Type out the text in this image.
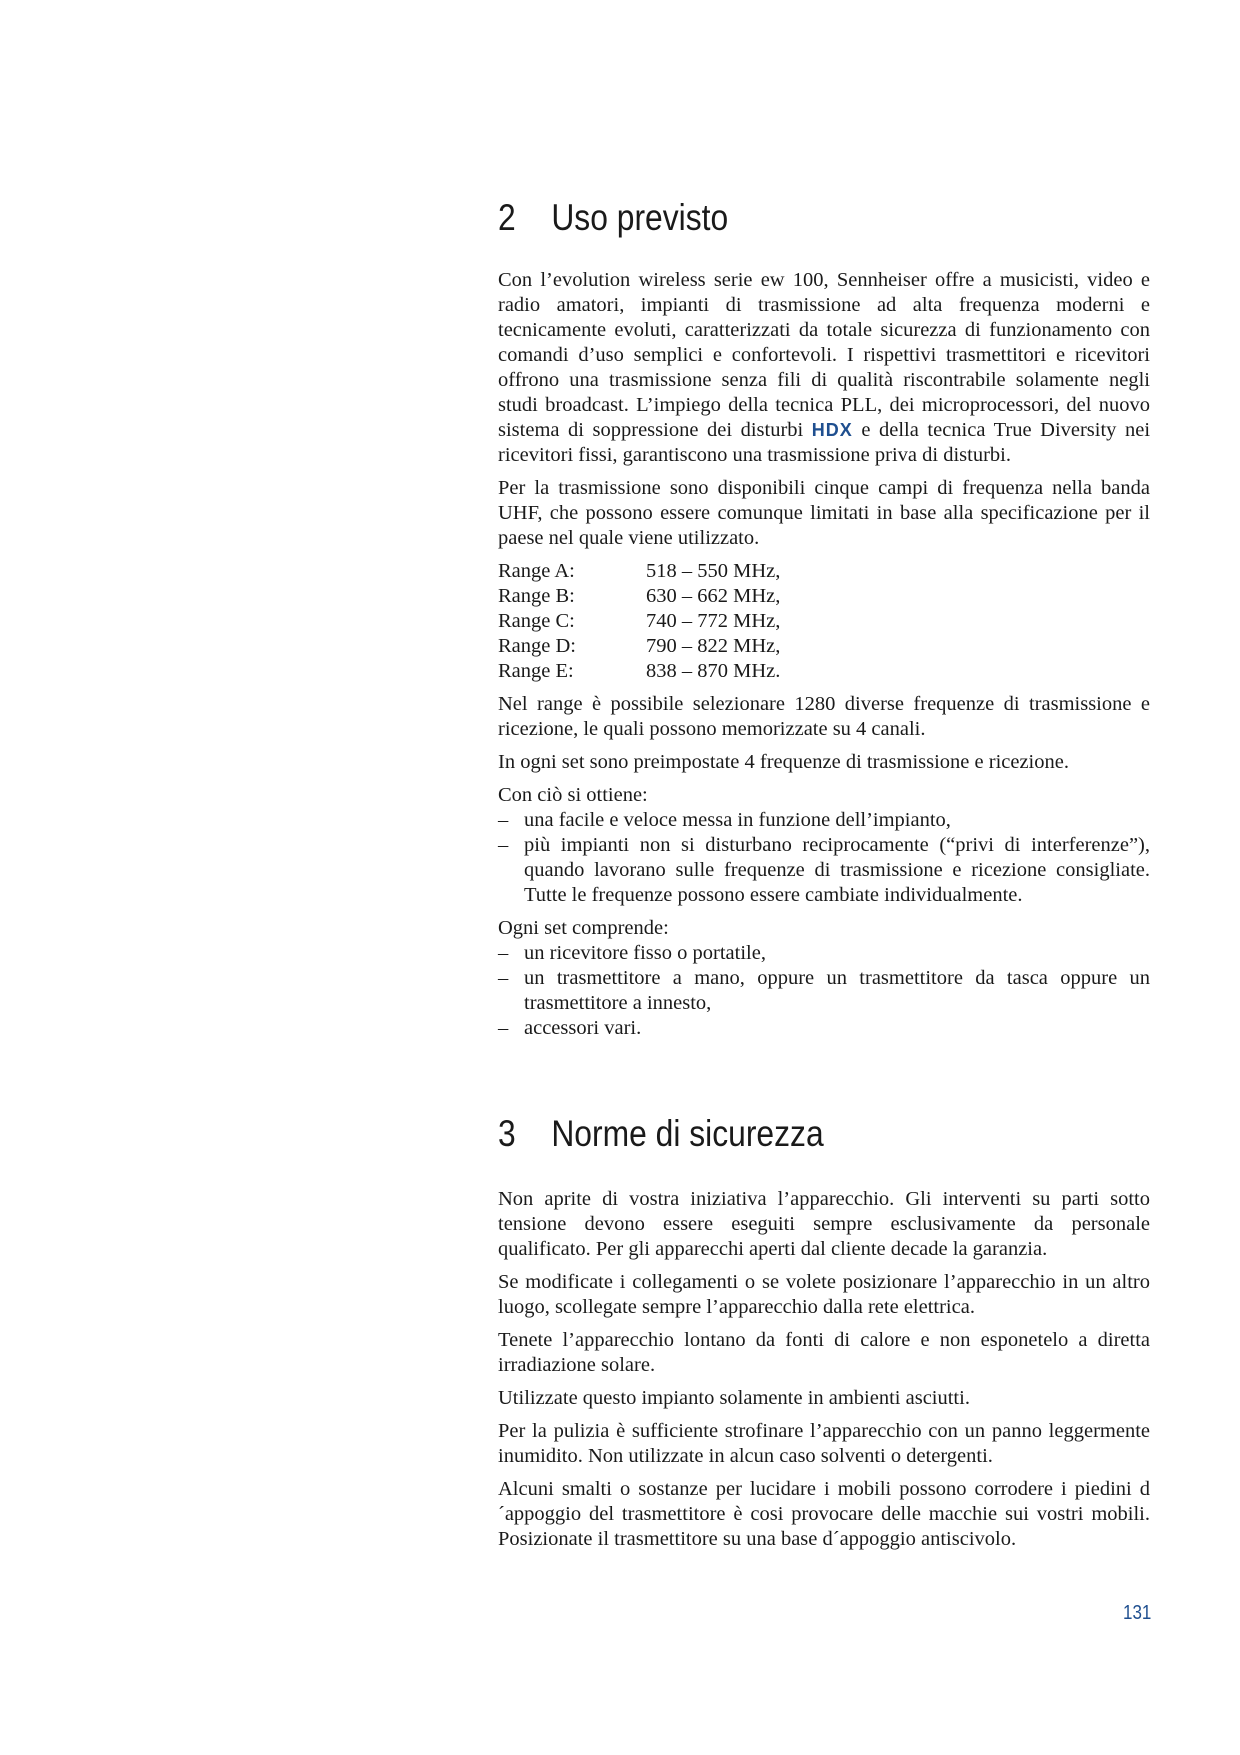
2 Uso previsto

Con l’evolution wireless serie ew 100, Sennheiser offre a musicisti, video e radio amatori, impianti di trasmissione ad alta frequenza moderni e tecnicamente evoluti, caratterizzati da totale sicurezza di funzionamento con comandi d’uso semplici e confortevoli. I rispettivi trasmettitori e ricevitori offrono una trasmissione senza fili di qualità riscontrabile solamente negli studi broadcast. L’impiego della tecnica PLL, dei microprocessori, del nuovo sistema di soppressione dei disturbi HDX e della tecnica True Diversity nei ricevitori fissi, garantiscono una trasmissione priva di disturbi.

Per la trasmissione sono disponibili cinque campi di frequenza nella banda UHF, che possono essere comunque limitati in base alla specificazione per il paese nel quale viene utilizzato.

Range A:	518 – 550 MHz,
Range B:	630 – 662 MHz,
Range C:	740 – 772 MHz,
Range D:	790 – 822 MHz,
Range E:	838 – 870 MHz.

Nel range è possibile selezionare 1280 diverse frequenze di trasmissione e ricezione, le quali possono memorizzate su 4 canali.

In ogni set sono preimpostate 4 frequenze di trasmissione e ricezione.

Con ciò si ottiene:
– una facile e veloce messa in funzione dell’impianto,
– più impianti non si disturbano reciprocamente (“privi di interferenze”), quando lavorano sulle frequenze di trasmissione e ricezione consigliate. Tutte le frequenze possono essere cambiate individualmente.
Ogni set comprende:
– un ricevitore fisso o portatile,
– un trasmettitore a mano, oppure un trasmettitore da tasca oppure un trasmettitore a innesto,
– accessori vari.
3 Norme di sicurezza

Non aprite di vostra iniziativa l’apparecchio. Gli interventi su parti sotto tensione devono essere eseguiti sempre esclusivamente da personale qualificato. Per gli apparecchi aperti dal cliente decade la garanzia.

Se modificate i collegamenti o se volete posizionare l’apparecchio in un altro luogo, scollegate sempre l’apparecchio dalla rete elettrica.

Tenete l’apparecchio lontano da fonti di calore e non esponetelo a diretta irradiazione solare.

Utilizzate questo impianto solamente in ambienti asciutti.

Per la pulizia è sufficiente strofinare l’apparecchio con un panno leggermente inumidito. Non utilizzate in alcun caso solventi o detergenti.

Alcuni smalti o sostanze per lucidare i mobili possono corrodere i piedini d´appoggio del trasmettitore è cosi provocare delle macchie sui vostri mobili. Posizionate il trasmettitore su una base d´appoggio antiscivolo.

131
